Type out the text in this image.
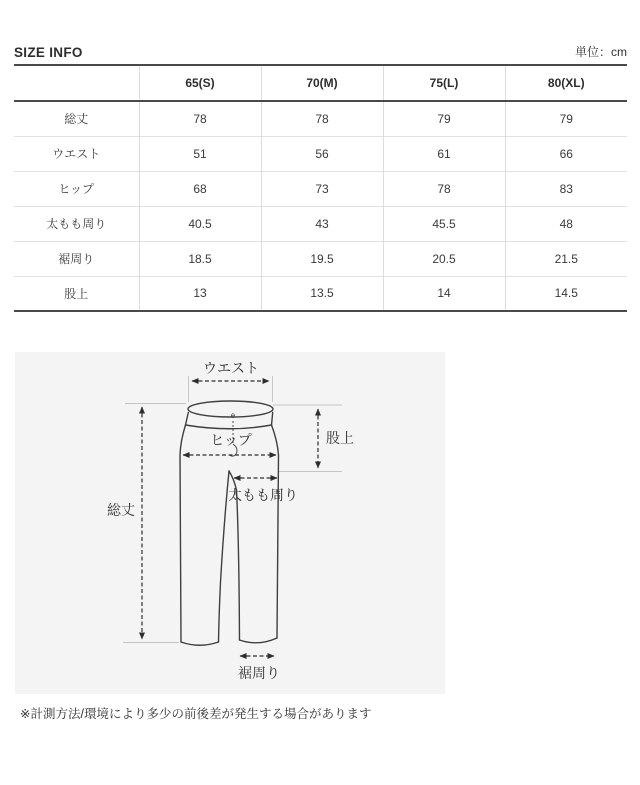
SIZE INFO	単位：cm
	65(S)	70(M)	75(L)	80(XL)
総丈	78	78	79	79
ウエスト	51	56	61	66
ヒップ	68	73	78	83
太もも周り	40.5	43	45.5	48
裾周り	18.5	19.5	20.5	21.5
股上	13	13.5	14	14.5
e
ウエスト
ヒップ	股上
総丈
太もも周り
裾周り
※計測方法/環境により多少の前後差が発生する場合があります
